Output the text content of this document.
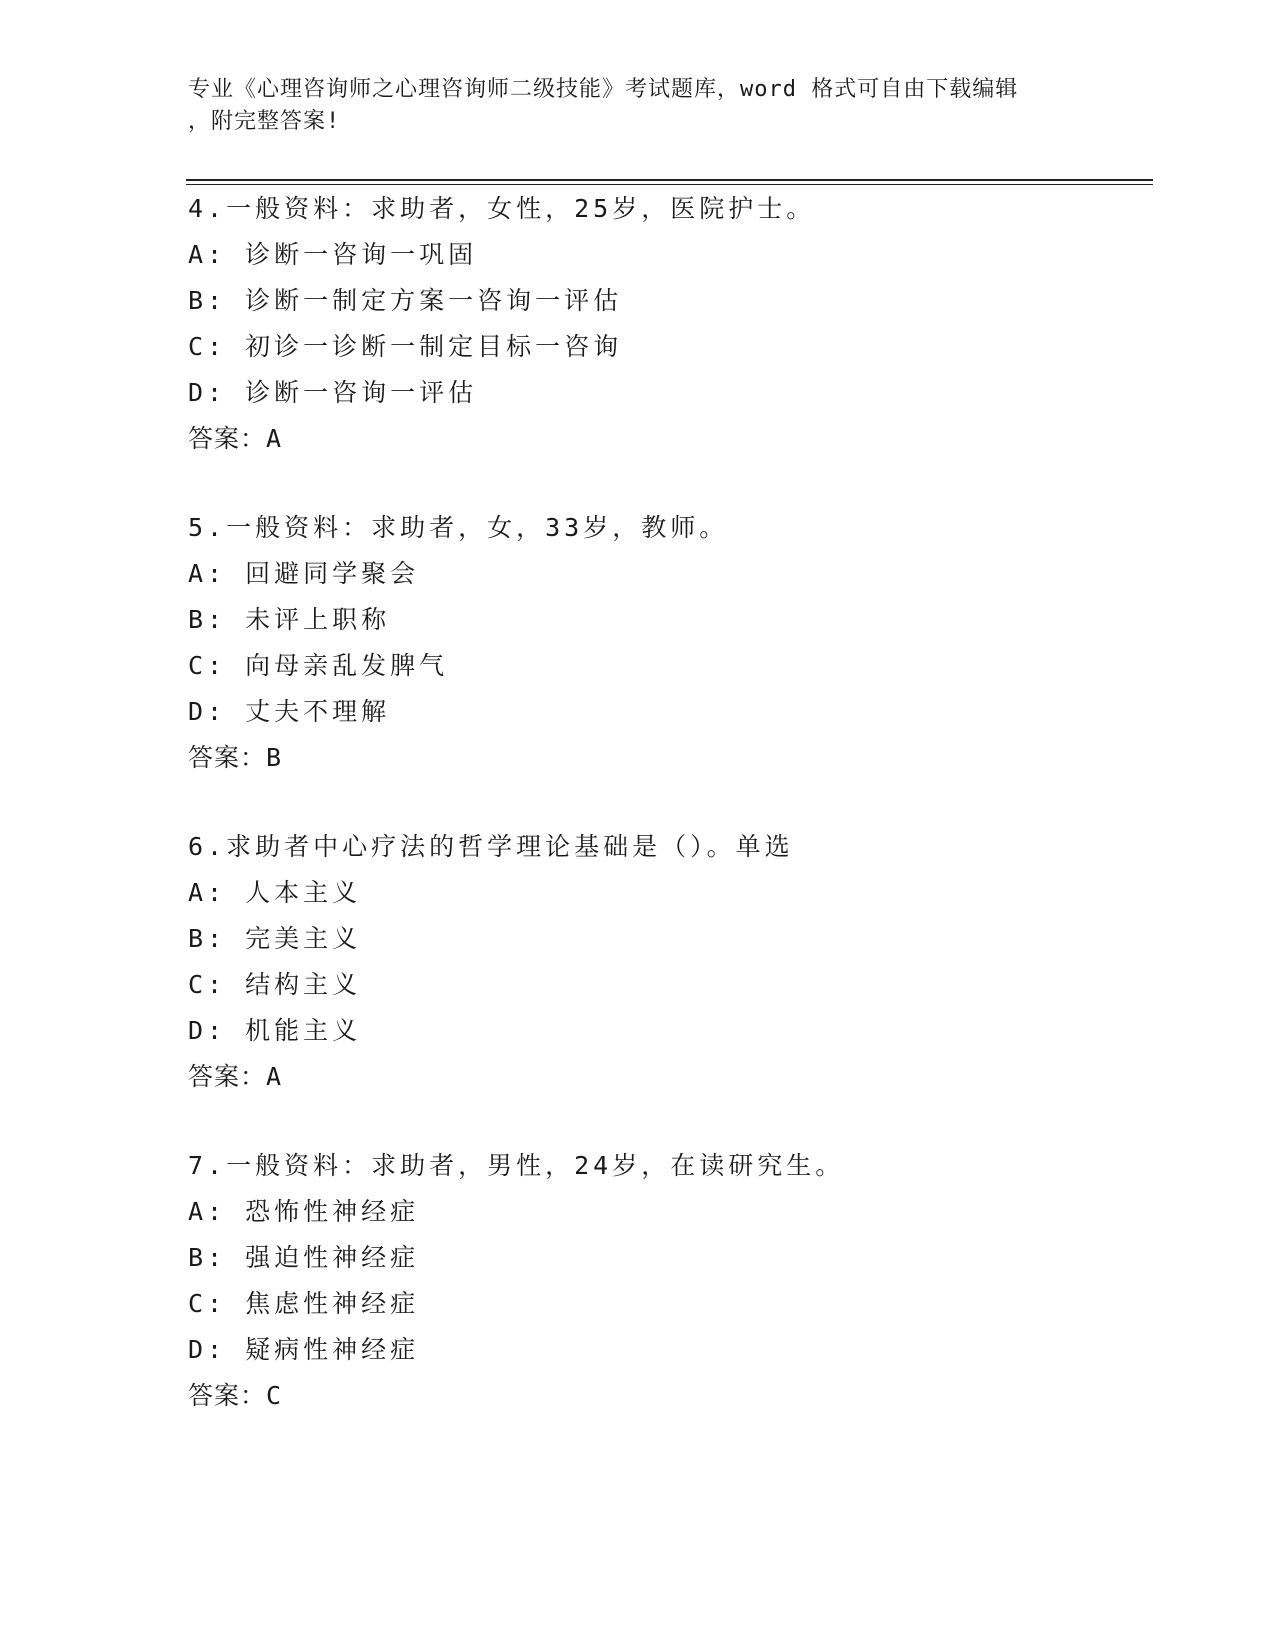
专业《心理咨询师之心理咨询师二级技能》考试题库，word 格式可自由下载编辑
，附完整答案!
4.一般资料：求助者，女性，25岁，医院护士。
A: 诊断一咨询一巩固
B: 诊断一制定方案一咨询一评估
C: 初诊一诊断一制定目标一咨询
D: 诊断一咨询一评估
答案：A
5.一般资料：求助者，女，33岁，教师。
A: 回避同学聚会
B: 未评上职称
C: 向母亲乱发脾气
D: 丈夫不理解
答案：B
6.求助者中心疗法的哲学理论基础是（）。单选
A: 人本主义
B: 完美主义
C: 结构主义
D: 机能主义
答案：A
7.一般资料：求助者，男性，24岁，在读研究生。
A: 恐怖性神经症
B: 强迫性神经症
C: 焦虑性神经症
D: 疑病性神经症
答案：C
